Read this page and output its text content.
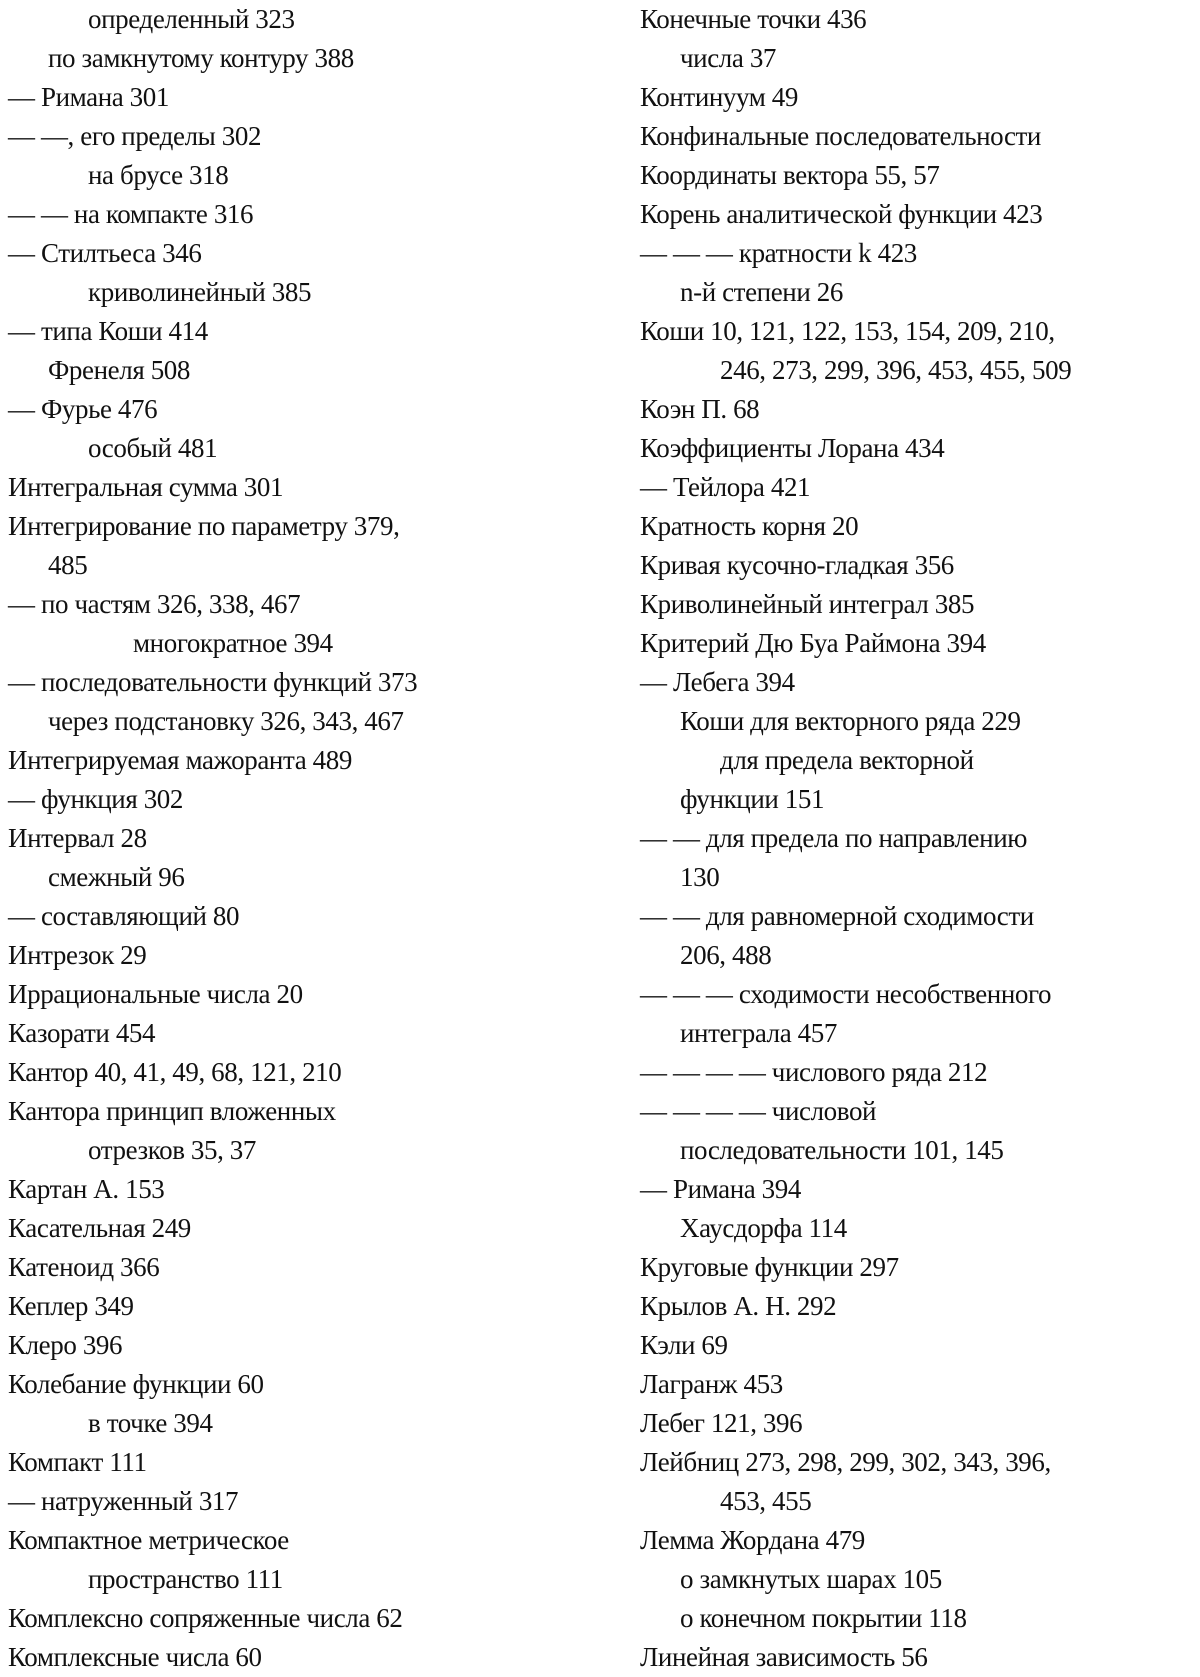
определенный 323
по замкнутому контуру 388
— Римана 301
— —, его пределы 302
на брусе 318
— — на компакте 316
— Стилтьеса 346
криволинейный 385
— типа Коши 414
Френеля 508
— Фурье 476
особый 481
Интегральная сумма 301
Интегрирование по параметру 379,
485
— по частям 326, 338, 467
многократное 394
— последовательности функций 373
через подстановку 326, 343, 467
Интегрируемая мажоранта 489
— функция 302
Интервал 28
смежный 96
— составляющий 80
Интрезок 29
Иррациональные числа 20
Казорати 454
Кантор 40, 41, 49, 68, 121, 210
Кантора принцип вложенных
отрезков 35, 37
Картан А. 153
Касательная 249
Катеноид 366
Кеплер 349
Клеро 396
Колебание функции 60
в точке 394
Компакт 111
— натруженный 317
Компактное метрическое
пространство 111
Комплексно сопряженные числа 62
Комплексные числа 60
Конечные точки 436
числа 37
Континуум 49
Конфинальные последовательности
Координаты вектора 55, 57
Корень аналитической функции 423
— — — кратности k 423
n-й степени 26
Коши 10, 121, 122, 153, 154, 209, 210,
246, 273, 299, 396, 453, 455, 509
Коэн П. 68
Коэффициенты Лорана 434
— Тейлора 421
Кратность корня 20
Кривая кусочно-гладкая 356
Криволинейный интеграл 385
Критерий Дю Буа Раймона 394
— Лебега 394
Коши для векторного ряда 229
для предела векторной
функции 151
— — для предела по направлению
130
— — для равномерной сходимости
206, 488
— — — сходимости несобственного
интеграла 457
— — — — числового ряда 212
— — — — числовой
последовательности 101, 145
— Римана 394
Хаусдорфа 114
Круговые функции 297
Крылов А. Н. 292
Кэли 69
Лагранж 453
Лебег 121, 396
Лейбниц 273, 298, 299, 302, 343, 396,
453, 455
Лемма Жордана 479
о замкнутых шарах 105
о конечном покрытии 118
Линейная зависимость 56
